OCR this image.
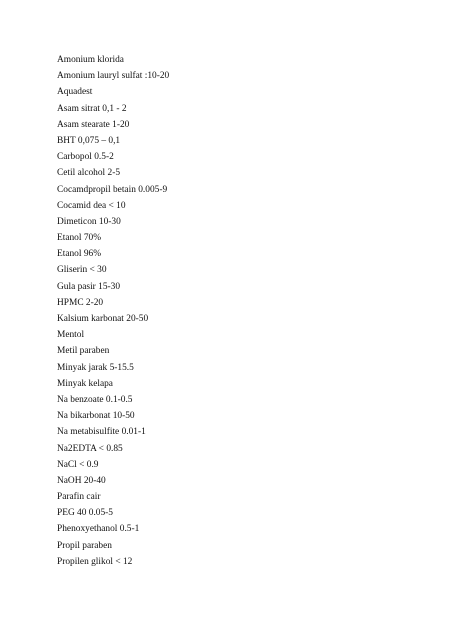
Amonium klorida
Amonium lauryl sulfat :10-20
Aquadest
Asam sitrat 0,1 - 2
Asam stearate 1-20
BHT 0,075 – 0,1
Carbopol 0.5-2
Cetil alcohol 2-5
Cocamdpropil betain 0.005-9
Cocamid dea < 10
Dimeticon 10-30
Etanol 70%
Etanol 96%
Gliserin < 30
Gula pasir 15-30
HPMC 2-20
Kalsium karbonat 20-50
Mentol
Metil paraben
Minyak jarak 5-15.5
Minyak kelapa
Na benzoate 0.1-0.5
Na bikarbonat 10-50
Na metabisulfite 0.01-1
Na2EDTA < 0.85
NaCl < 0.9
NaOH 20-40
Parafin cair
PEG 40 0.05-5
Phenoxyethanol 0.5-1
Propil paraben
Propilen glikol < 12
